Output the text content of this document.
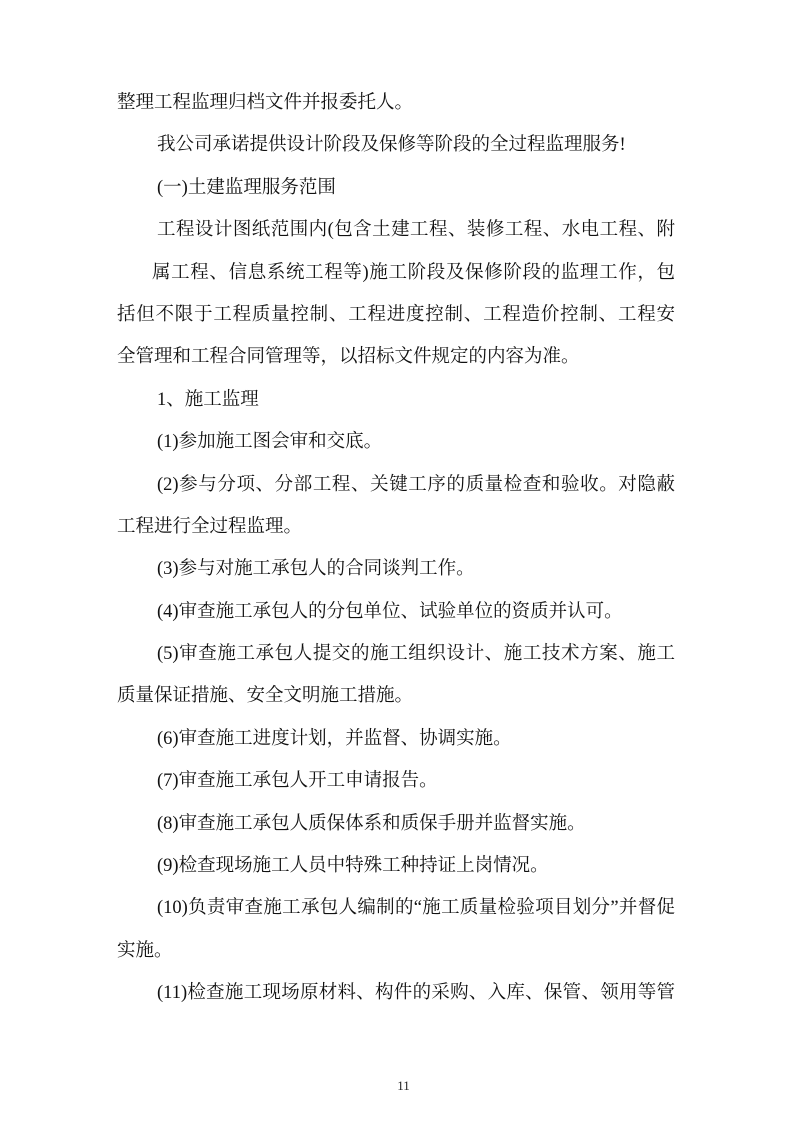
整理工程监理归档文件并报委托人。
我公司承诺提供设计阶段及保修等阶段的全过程监理服务!
(一)土建监理服务范围
工程设计图纸范围内(包含土建工程、装修工程、水电工程、附
属工程、信息系统工程等)施工阶段及保修阶段的监理工作，包
括但不限于工程质量控制、工程进度控制、工程造价控制、工程安
全管理和工程合同管理等，以招标文件规定的内容为准。
1、施工监理
(1)参加施工图会审和交底。
(2)参与分项、分部工程、关键工序的质量检查和验收。对隐蔽
工程进行全过程监理。
(3)参与对施工承包人的合同谈判工作。
(4)审查施工承包人的分包单位、试验单位的资质并认可。
(5)审查施工承包人提交的施工组织设计、施工技术方案、施工
质量保证措施、安全文明施工措施。
(6)审查施工进度计划，并监督、协调实施。
(7)审查施工承包人开工申请报告。
(8)审查施工承包人质保体系和质保手册并监督实施。
(9)检查现场施工人员中特殊工种持证上岗情况。
(10)负责审查施工承包人编制的“施工质量检验项目划分”并督促
实施。
(11)检查施工现场原材料、构件的采购、入库、保管、领用等管
11
